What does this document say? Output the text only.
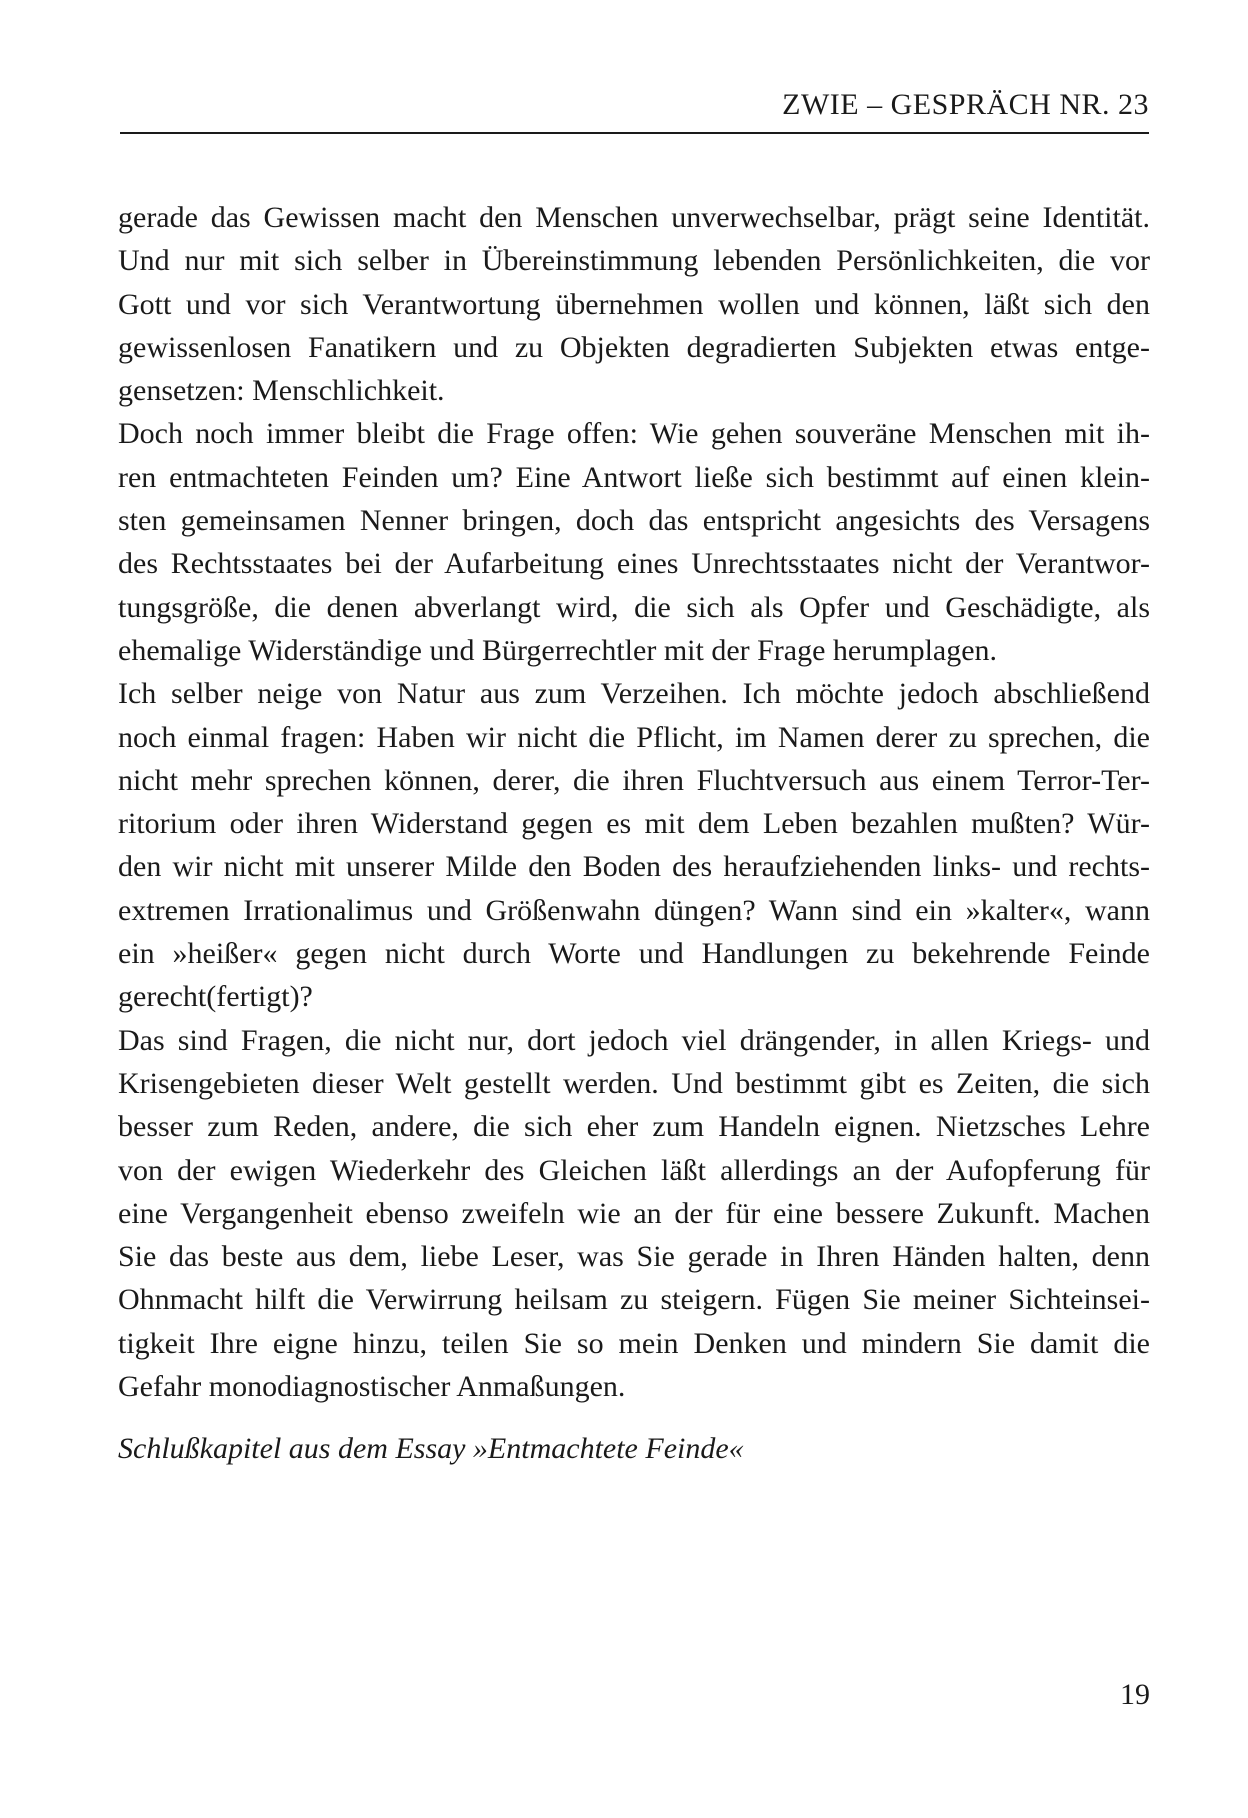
ZWIE – GESPRÄCH NR. 23
gerade das Gewissen macht den Menschen unverwechselbar, prägt seine Identität.
Und nur mit sich selber in Übereinstimmung lebenden Persönlichkeiten, die vor
Gott und vor sich Verantwortung übernehmen wollen und können, läßt sich den
gewissenlosen Fanatikern und zu Objekten degradierten Subjekten etwas entge-
gensetzen: Menschlichkeit.
Doch noch immer bleibt die Frage offen: Wie gehen souveräne Menschen mit ih-
ren entmachteten Feinden um? Eine Antwort ließe sich bestimmt auf einen klein-
sten gemeinsamen Nenner bringen, doch das entspricht angesichts des Versagens
des Rechtsstaates bei der Aufarbeitung eines Unrechtsstaates nicht der Verantwor-
tungsgröße, die denen abverlangt wird, die sich als Opfer und Geschädigte, als
ehemalige Widerständige und Bürgerrechtler mit der Frage herumplagen.
Ich selber neige von Natur aus zum Verzeihen. Ich möchte jedoch abschließend
noch einmal fragen: Haben wir nicht die Pflicht, im Namen derer zu sprechen, die
nicht mehr sprechen können, derer, die ihren Fluchtversuch aus einem Terror-Ter-
ritorium oder ihren Widerstand gegen es mit dem Leben bezahlen mußten? Wür-
den wir nicht mit unserer Milde den Boden des heraufziehenden links- und rechts-
extremen Irrationalimus und Größenwahn düngen? Wann sind ein »kalter«, wann
ein »heißer« gegen nicht durch Worte und Handlungen zu bekehrende Feinde
gerecht(fertigt)?
Das sind Fragen, die nicht nur, dort jedoch viel drängender, in allen Kriegs- und
Krisengebieten dieser Welt gestellt werden. Und bestimmt gibt es Zeiten, die sich
besser zum Reden, andere, die sich eher zum Handeln eignen. Nietzsches Lehre
von der ewigen Wiederkehr des Gleichen läßt allerdings an der Aufopferung für
eine Vergangenheit ebenso zweifeln wie an der für eine bessere Zukunft. Machen
Sie das beste aus dem, liebe Leser, was Sie gerade in Ihren Händen halten, denn
Ohnmacht hilft die Verwirrung heilsam zu steigern. Fügen Sie meiner Sichteinsei-
tigkeit Ihre eigne hinzu, teilen Sie so mein Denken und mindern Sie damit die
Gefahr monodiagnostischer Anmaßungen.
Schlußkapitel aus dem Essay »Entmachtete Feinde«
19
